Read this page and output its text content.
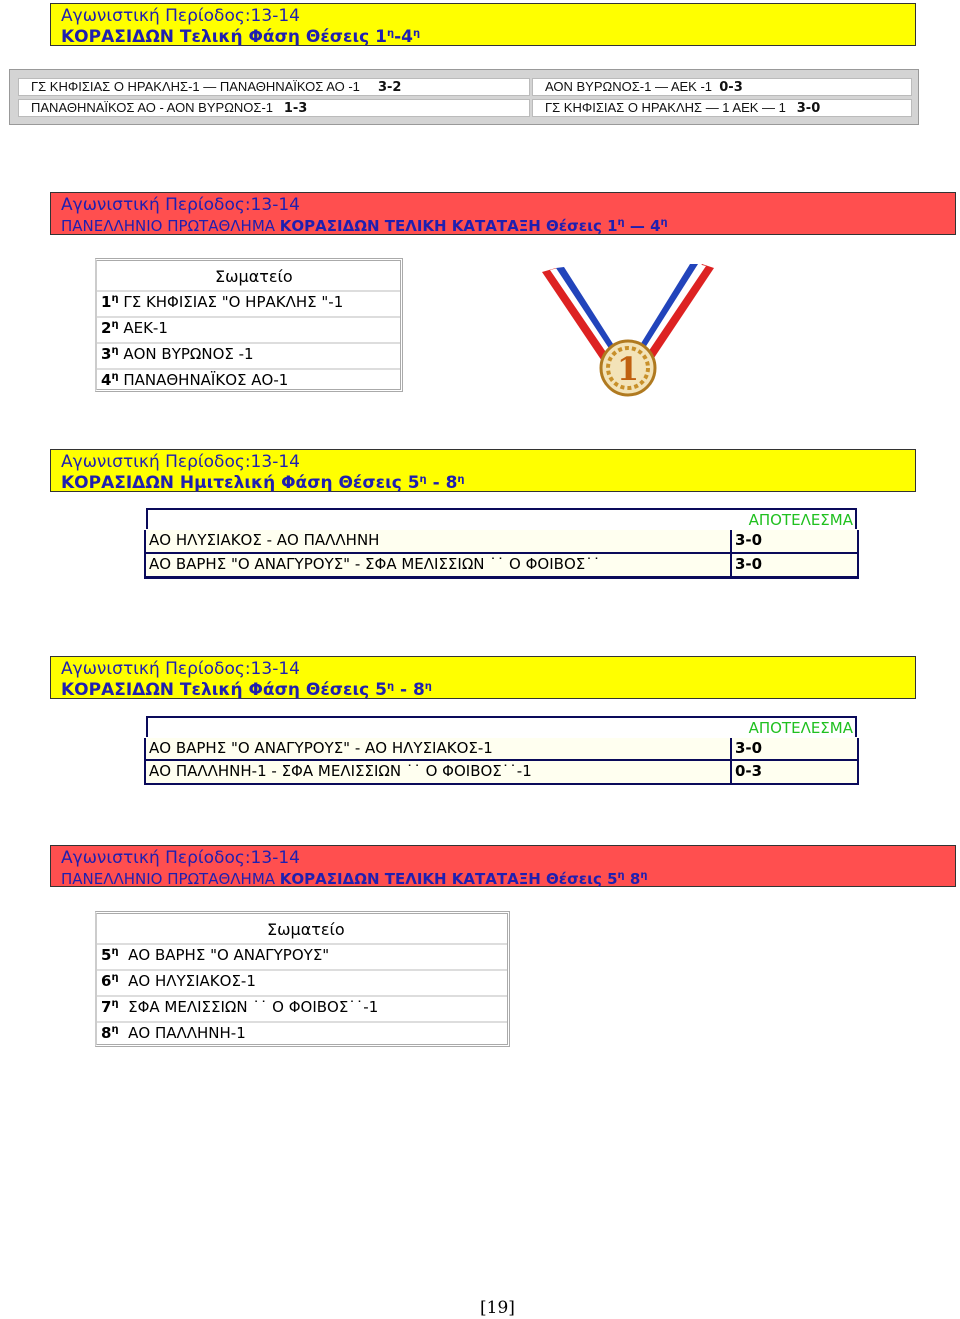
Αγωνιστική Περίοδος:13-14
ΚΟΡΑΣΙΔΩΝ Τελική Φάση Θέσεις $1^\eta-4^\eta$
ΓΣ ΚΗΦΙΣΙΑΣ Ο ΗΡΑΚΛΗΣ-1 — ΠΑΝΑΘΗΝΑΪΚΟΣ ΑΟ -1 3-2	ΑΟΝ ΒΥΡΩΝΟΣ-1 — ΑΕΚ -1 0-3
ΠΑΝΑΘΗΝΑΪΚΟΣ ΑΟ - ΑΟΝ ΒΥΡΩΝΟΣ-1 1-3	ΓΣ ΚΗΦΙΣΙΑΣ Ο ΗΡΑΚΛΗΣ — 1 ΑΕΚ — 1 3-0
Αγωνιστική Περίοδος:13-14
ΠΑΝΕΛΛΗΝΙΟ ΠΡΩΤΑΘΛΗΜΑ ΚΟΡΑΣΙΔΩΝ ΤΕΛΙΚΗ ΚΑΤΑΤΑΞΗ Θέσεις $1^\eta$ — $4^\eta$
Σωματείο
$1^\eta$ ΓΣ ΚΗΦΙΣΙΑΣ "Ο ΗΡΑΚΛΗΣ "-1
$2^\eta$ ΑΕΚ-1
$3^\eta$ ΑΟΝ ΒΥΡΩΝΟΣ -1
$4^\eta$ ΠΑΝΑΘΗΝΑΪΚΟΣ ΑΟ-1	1
Αγωνιστική Περίοδος:13-14
ΚΟΡΑΣΙΔΩΝ Ημιτελική Φάση Θέσεις $5^\eta - 8^\eta$
ΑΠΟΤΕΛΕΣΜΑ
ΑΟ ΗΛΥΣΙΑΚΟΣ - ΑΟ ΠΑΛΛΗΝΗ	3-0
ΑΟ ΒΑΡΗΣ "Ο ΑΝΑΓΥΡΟΥΣ" - ΣΦΑ ΜΕΛΙΣΣΙΩΝ ˙˙ Ο ΦΟΙΒΟΣ˙˙	3-0
Αγωνιστική Περίοδος:13-14
ΚΟΡΑΣΙΔΩΝ Τελική Φάση Θέσεις $5^\eta - 8^\eta$
ΑΠΟΤΕΛΕΣΜΑ
ΑΟ ΒΑΡΗΣ "Ο ΑΝΑΓΥΡΟΥΣ" - ΑΟ ΗΛΥΣΙΑΚΟΣ-1	3-0
ΑΟ ΠΑΛΛΗΝΗ-1 - ΣΦΑ ΜΕΛΙΣΣΙΩΝ ˙˙ Ο ΦΟΙΒΟΣ˙˙-1	0-3
Αγωνιστική Περίοδος:13-14
ΠΑΝΕΛΛΗΝΙΟ ΠΡΩΤΑΘΛΗΜΑ ΚΟΡΑΣΙΔΩΝ ΤΕΛΙΚΗ ΚΑΤΑΤΑΞΗ Θέσεις $5^\eta$ $8^\eta$
Σωματείο
$5^\eta$ ΑΟ ΒΑΡΗΣ "Ο ΑΝΑΓΥΡΟΥΣ"
$6^\eta$ ΑΟ ΗΛΥΣΙΑΚΟΣ-1
$7^\eta$ ΣΦΑ ΜΕΛΙΣΣΙΩΝ ˙˙ Ο ΦΟΙΒΟΣ˙˙-1
$8^\eta$ ΑΟ ΠΑΛΛΗΝΗ-1
[19]
